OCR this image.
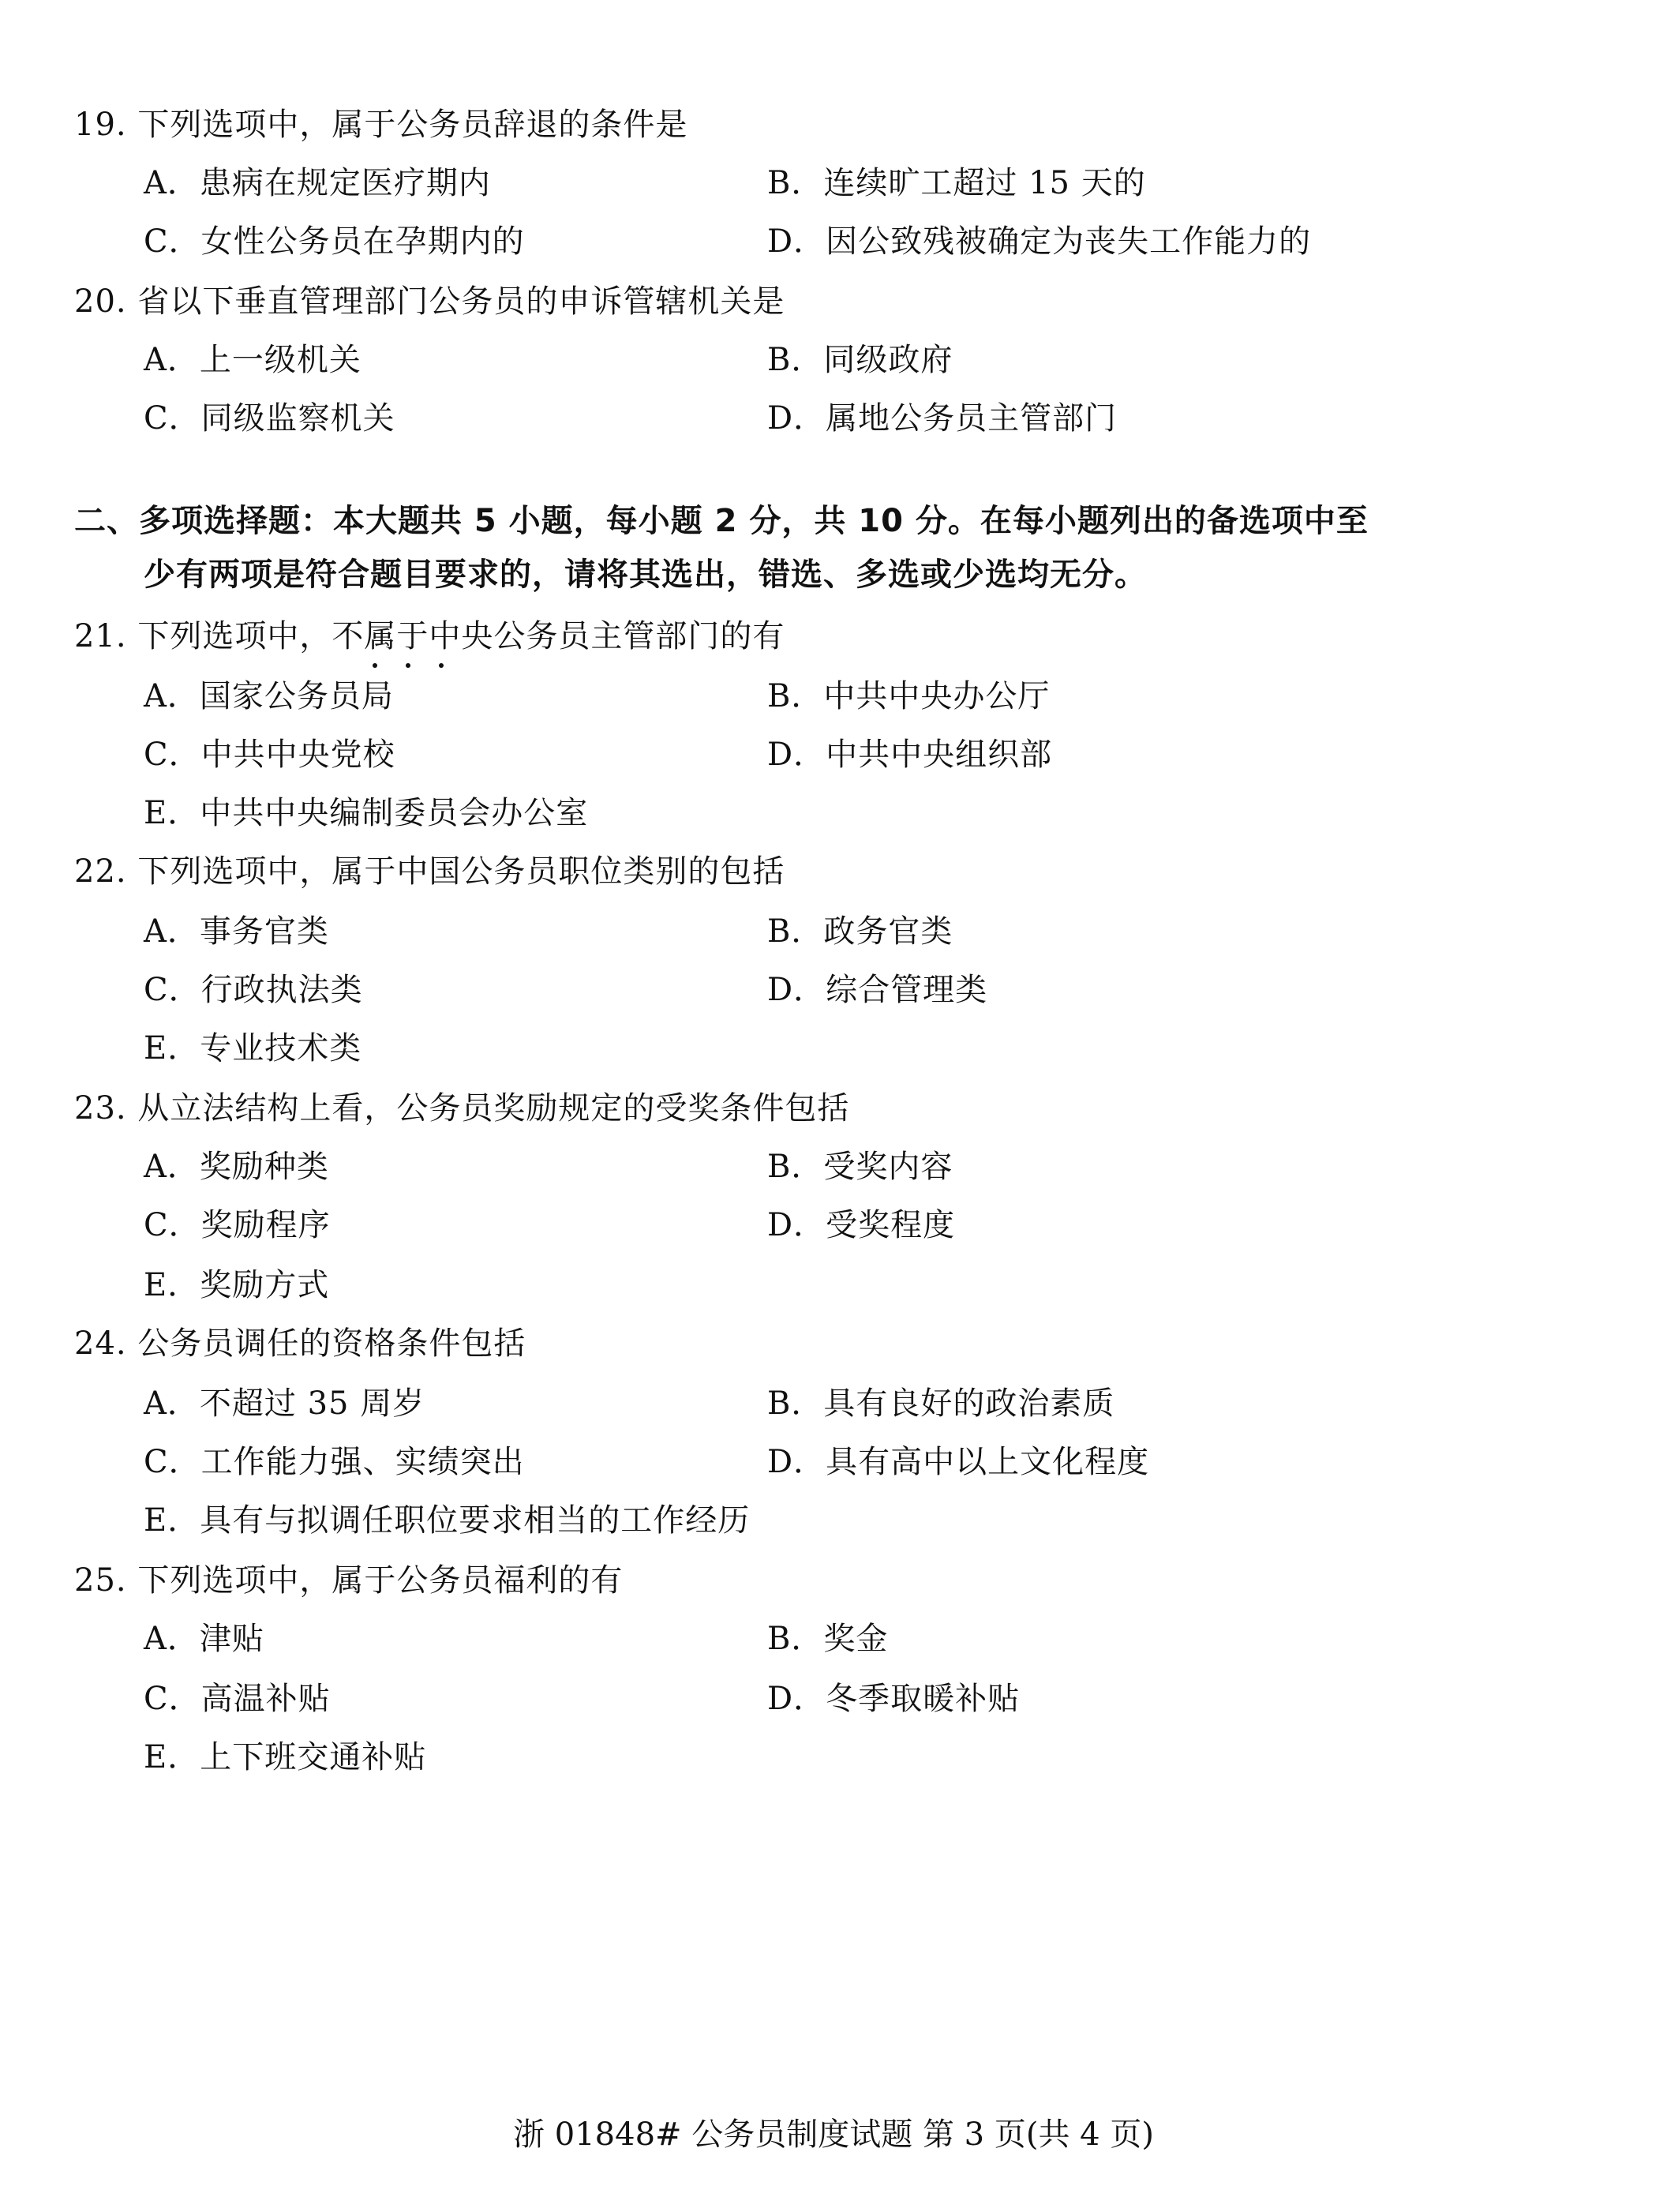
19. 下列选项中，属于公务员辞退的条件是
A．患病在规定医疗期内	B．连续旷工超过 15 天的
C．女性公务员在孕期内的	D．因公致残被确定为丧失工作能力的
20. 省以下垂直管理部门公务员的申诉管辖机关是
A．上一级机关	B．同级政府
C．同级监察机关	D．属地公务员主管部门
二、多项选择题：本大题共 5 小题，每小题 2 分，共 10 分。在每小题列出的备选项中至
少有两项是符合题目要求的，请将其选出，错选、多选或少选均无分。
21. 下列选项中，不属于中央公务员主管部门的有
A．国家公务员局	B．中共中央办公厅
C．中共中央党校	D．中共中央组织部
E．中共中央编制委员会办公室
22. 下列选项中，属于中国公务员职位类别的包括
A．事务官类	B．政务官类
C．行政执法类	D．综合管理类
E．专业技术类
23. 从立法结构上看，公务员奖励规定的受奖条件包括
A．奖励种类	B．受奖内容
C．奖励程序	D．受奖程度
E．奖励方式
24. 公务员调任的资格条件包括
A．不超过 35 周岁	B．具有良好的政治素质
C．工作能力强、实绩突出	D．具有高中以上文化程度
E．具有与拟调任职位要求相当的工作经历
25. 下列选项中，属于公务员福利的有
A．津贴	B．奖金
C．高温补贴	D．冬季取暖补贴
E．上下班交通补贴
浙 01848# 公务员制度试题 第 3 页(共 4 页)
